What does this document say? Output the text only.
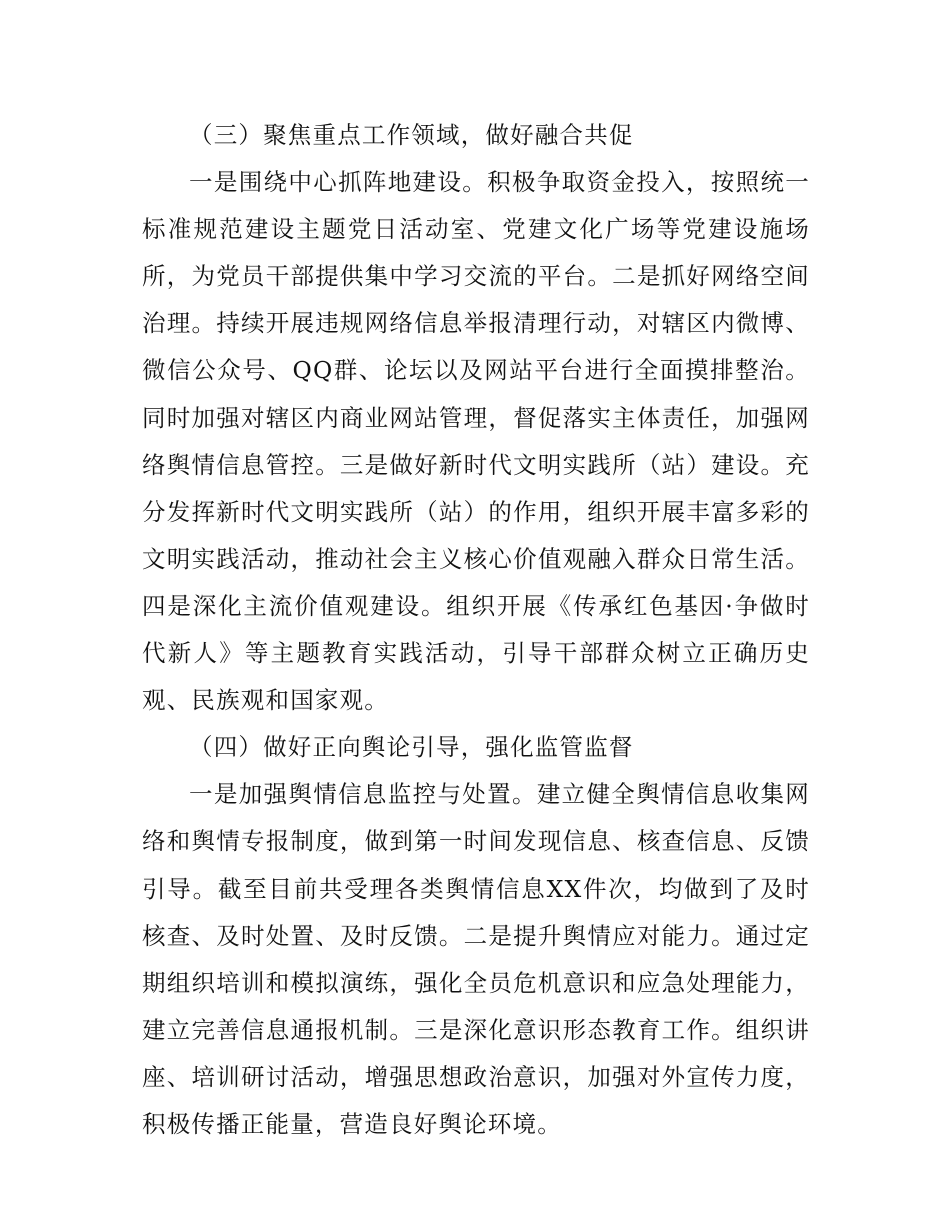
（三）聚焦重点工作领域，做好融合共促

一是围绕中心抓阵地建设。积极争取资金投入，按照统一标准规范建设主题党日活动室、党建文化广场等党建设施场所，为党员干部提供集中学习交流的平台。二是抓好网络空间治理。持续开展违规网络信息举报清理行动，对辖区内微博、微信公众号、QQ群、论坛以及网站平台进行全面摸排整治。同时加强对辖区内商业网站管理，督促落实主体责任，加强网络舆情信息管控。三是做好新时代文明实践所（站）建设。充分发挥新时代文明实践所（站）的作用，组织开展丰富多彩的文明实践活动，推动社会主义核心价值观融入群众日常生活。四是深化主流价值观建设。组织开展《传承红色基因·争做时代新人》等主题教育实践活动，引导干部群众树立正确历史观、民族观和国家观。

（四）做好正向舆论引导，强化监管监督

一是加强舆情信息监控与处置。建立健全舆情信息收集网络和舆情专报制度，做到第一时间发现信息、核查信息、反馈引导。截至目前共受理各类舆情信息XX件次，均做到了及时核查、及时处置、及时反馈。二是提升舆情应对能力。通过定期组织培训和模拟演练，强化全员危机意识和应急处理能力，建立完善信息通报机制。三是深化意识形态教育工作。组织讲座、培训研讨活动，增强思想政治意识，加强对外宣传力度，积极传播正能量，营造良好舆论环境。
